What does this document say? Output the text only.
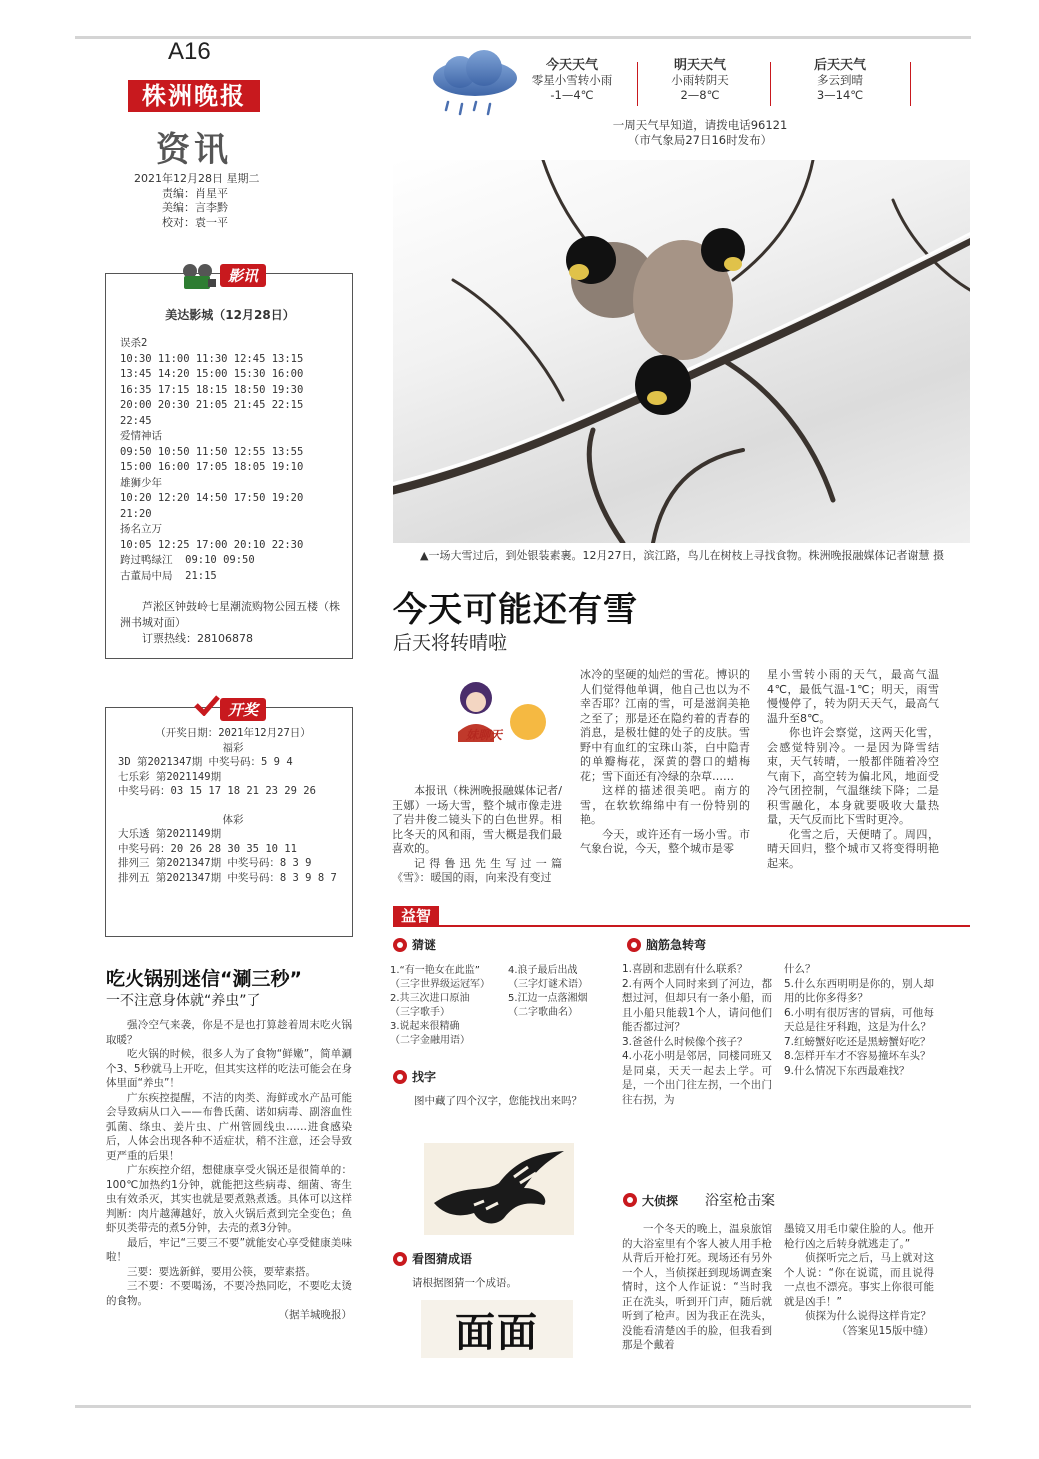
A16
株洲晚报
资讯
2021年12月28日 星期二
责编：肖星平
美编：言李黔
校对：袁一平
今天天气
零星小雪转小雨
-1—4℃
明天天气
小雨转阴天
2—8℃
后天天气
多云到晴
3—14℃
一周天气早知道，请拨电话96121
（市气象局27日16时发布）
▲一场大雪过后，到处银装素裹。12月27日，滨江路，鸟儿在树枝上寻找食物。株洲晚报融媒体记者谢慧 摄
今天可能还有雪
后天将转晴啦
影讯
美达影城（12月28日）
误杀2
10:30 11:00 11:30 12:45 13:15
13:45 14:20 15:00 15:30 16:00
16:35 17:15 18:15 18:50 19:30
20:00 20:30 21:05 21:45 22:15
22:45
爱情神话
09:50 10:50 11:50 12:55 13:55
15:00 16:00 17:05 18:05 19:10
雄狮少年
10:20 12:20 14:50 17:50 19:20
21:20
扬名立万
10:05 12:25 17:00 20:10 22:30
跨过鸭绿江  09:10 09:50
古董局中局  21:15
芦淞区钟鼓岭七星潮流购物公园五楼（株洲书城对面）
订票热线：28106878
开奖
（开奖日期：2021年12月27日）
福彩
3D 第2021347期 中奖号码：5 9 4
七乐彩 第2021149期
中奖号码：03 15 17 18 21 23 29 26
体彩
大乐透 第2021149期
中奖号码：20 26 28 30 35 10 11
排列三 第2021347期 中奖号码：8 3 9
排列五 第2021347期 中奖号码：8 3 9 8 7
吃火锅别迷信“涮三秒”
一不注意身体就“养虫”了

强冷空气来袭，你是不是也打算趁着周末吃火锅取暖？

吃火锅的时候，很多人为了食物“鲜嫩”，简单涮个3、5秒就马上开吃，但其实这样的吃法可能会在身体里面“养虫”！

广东疾控提醒，不洁的肉类、海鲜或水产品可能会导致病从口入——布鲁氏菌、诺如病毒、副溶血性弧菌、绦虫、姜片虫、广州管圆线虫……进食感染后，人体会出现各种不适症状，稍不注意，还会导致更严重的后果！

广东疾控介绍，想健康享受火锅还是很简单的：100℃加热约1分钟，就能把这些病毒、细菌、寄生虫有效杀灭，其实也就是要煮熟煮透。具体可以这样判断：肉片越薄越好，放入火锅后煮到完全变色；鱼虾贝类带壳的煮5分钟，去壳的煮3分钟。

最后，牢记“三要三不要”就能安心享受健康美味啦！

三要：要选新鲜，要用公筷，要荤素搭。

三不要：不要喝汤，不要冷热同吃，不要吃太烫的食物。

（据羊城晚报）
妹聊天

本报讯（株洲晚报融媒体记者/王娜）一场大雪，整个城市像走进了岩井俊二镜头下的白色世界。相比冬天的风和雨，雪大概是我们最喜欢的。

记得鲁迅先生写过一篇《雪》：暖国的雨，向来没有变过

冰冷的坚硬的灿烂的雪花。博识的人们觉得他单调，他自己也以为不幸否耶？江南的雪，可是滋润美艳之至了；那是还在隐约着的青春的消息，是极壮健的处子的皮肤。雪野中有血红的宝珠山茶，白中隐青的单瓣梅花，深黄的磬口的蜡梅花；雪下面还有冷绿的杂草……

这样的描述很美吧。南方的雪，在软软绵绵中有一份特别的艳。

今天，或许还有一场小雪。市气象台说，今天，整个城市是零

星小雪转小雨的天气，最高气温4℃，最低气温-1℃；明天，雨雪慢慢停了，转为阴天天气，最高气温升至8℃。

你也许会察觉，这两天化雪，会感觉特别冷。一是因为降雪结束，天气转晴，一般都伴随着冷空气南下，高空转为偏北风，地面受冷气团控制，气温继续下降；二是积雪融化，本身就要吸收大量热量，天气反而比下雪时更冷。

化雪之后，天便晴了。周四，晴天回归，整个城市又将变得明艳起来。

益智
猜谜
1.“有一艳女在此监”
（三字世界级运冠军）
2.共三次进口原油
（三字歌手）
3.说起来很精确
（二字金融用语）
4.浪子最后出战
（三字灯谜术语）
5.江边一点落湘烟
（二字歌曲名）
找字
图中藏了四个汉字，您能找出来吗？
看图猜成语
请根据图猜一个成语。
面面
脑筋急转弯
1.喜剧和悲剧有什么联系？
2.有两个人同时来到了河边，都想过河，但却只有一条小船，而且小船只能载1个人，请问他们能否都过河？
3.爸爸什么时候像个孩子？
4.小花小明是邻居，同楼同班又是同桌，天天一起去上学。可是，一个出门往左拐，一个出门往右拐，为
什么？
5.什么东西明明是你的，别人却用的比你多得多？
6.小明有很厉害的冒病，可他每天总是往牙科跑，这是为什么？
7.红螃蟹好吃还是黑螃蟹好吃？
8.怎样开车才不容易撞坏车头？
9.什么情况下东西最难找？
大侦探 浴室枪击案
一个冬天的晚上，温泉旅馆的大浴室里有个客人被人用手枪从背后开枪打死。现场还有另外一个人，当侦探赶到现场调查案情时，这个人作证说：“当时我正在洗头，听到开门声，随后就听到了枪声。因为我正在洗头，没能看清楚凶手的脸，但我看到那是个戴着
墨镜又用毛巾蒙住脸的人。他开枪行凶之后转身就逃走了。”
侦探听完之后，马上就对这个人说：“你在说谎，而且说得一点也不漂亮。事实上你很可能就是凶手！”
侦探为什么说得这样肯定？
（答案见15版中缝）
